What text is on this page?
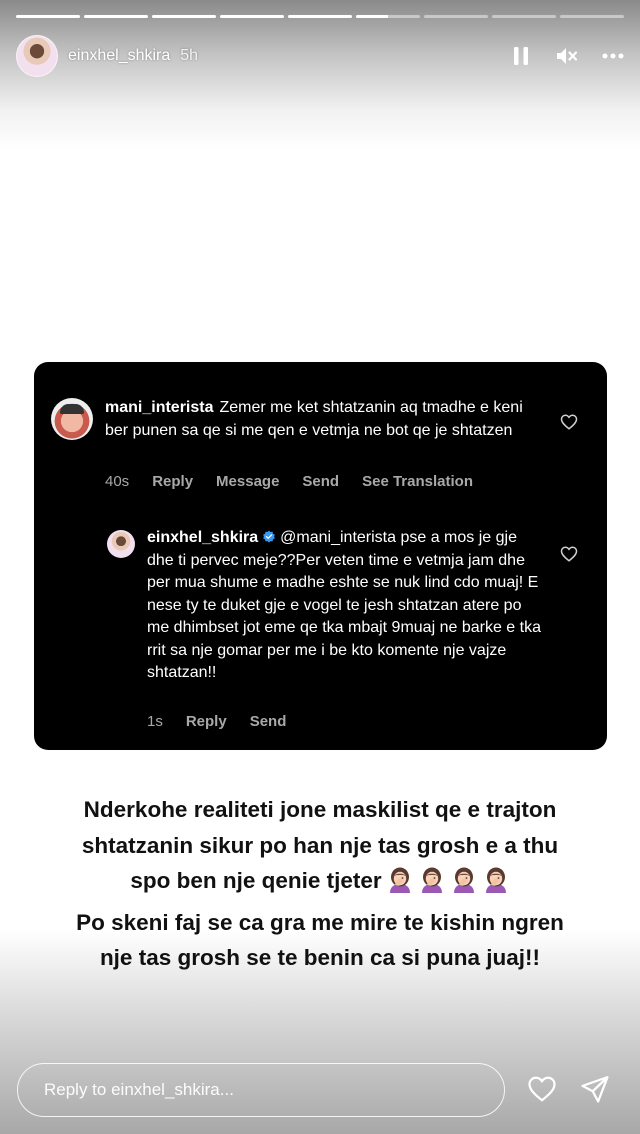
einxhel_shkira 5h
mani_interista Zemer me ket shtatzanin aq tmadhe e keni ber punen sa qe si me qen e vetmja ne bot qe je shtatzen
40s Reply Message Send See Translation
einxhel_shkira @mani_interista pse a mos je gje dhe ti pervec meje??Per veten time e vetmja jam dhe per mua shume e madhe eshte se nuk lind cdo muaj! E nese ty te duket gje e vogel te jesh shtatzan atere po me dhimbset jot eme qe tka mbajt 9muaj ne barke e tka rrit sa nje gomar per me i be kto komente nje vajze shtatzan!!
1s Reply Send
Nderkohe realiteti jone maskilist qe e trajton
shtatzanin sikur po han nje tas grosh e a thu
spo ben nje qenie tjeter
Po skeni faj se ca gra me mire te kishin ngren
nje tas grosh se te benin ca si puna juaj!!
Reply to einxhel_shkira...
